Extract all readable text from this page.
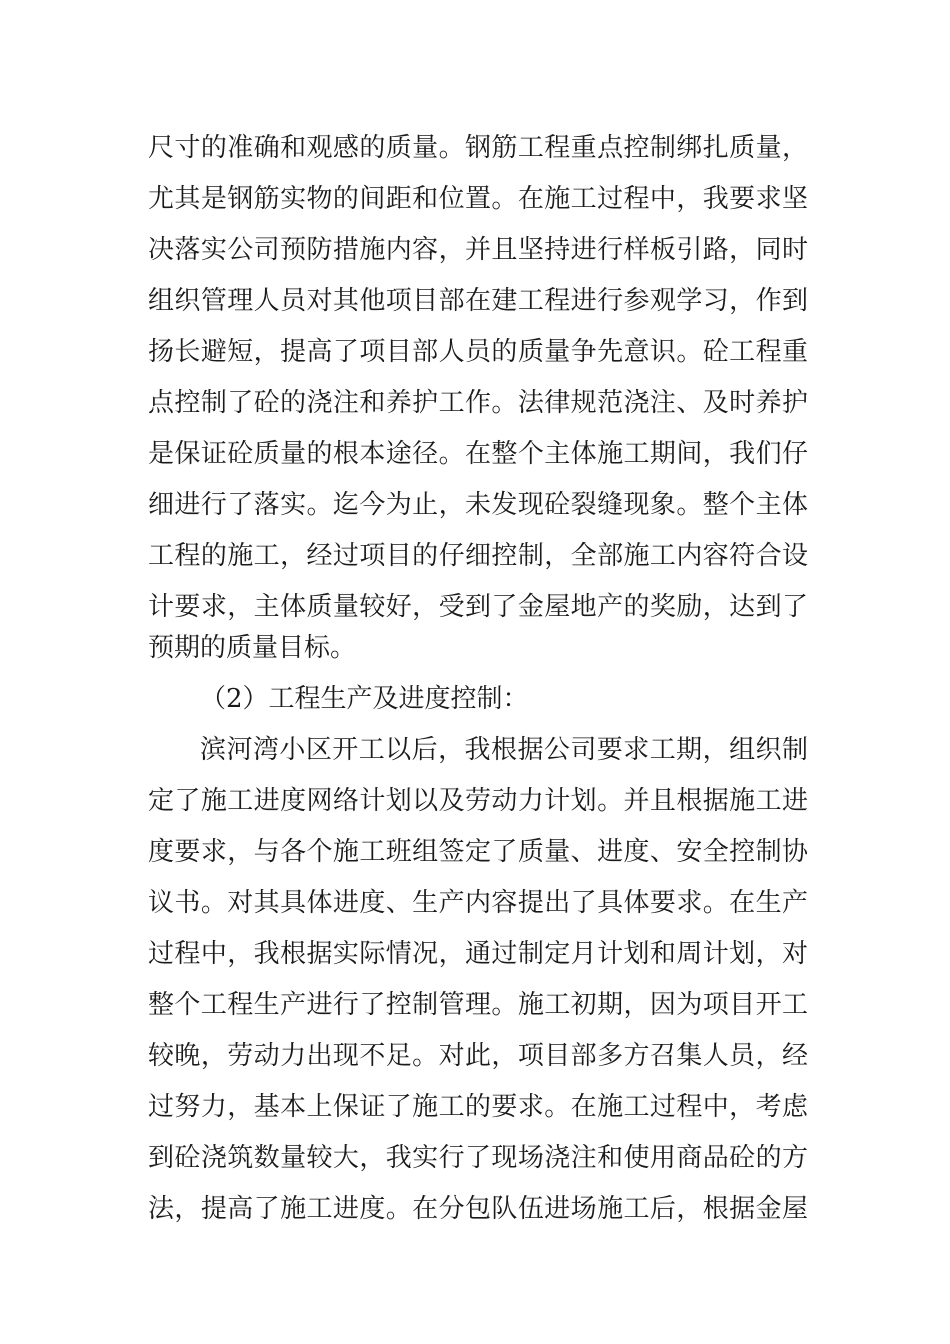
尺寸的准确和观感的质量。钢筋工程重点控制绑扎质量，
尤其是钢筋实物的间距和位置。在施工过程中，我要求坚
决落实公司预防措施内容，并且坚持进行样板引路，同时
组织管理人员对其他项目部在建工程进行参观学习，作到
扬长避短，提高了项目部人员的质量争先意识。砼工程重
点控制了砼的浇注和养护工作。法律规范浇注、及时养护
是保证砼质量的根本途径。在整个主体施工期间，我们仔
细进行了落实。迄今为止，未发现砼裂缝现象。整个主体
工程的施工，经过项目的仔细控制，全部施工内容符合设
计要求，主体质量较好，受到了金屋地产的奖励，达到了
预期的质量目标。
（2）工程生产及进度控制：
滨河湾小区开工以后，我根据公司要求工期，组织制
定了施工进度网络计划以及劳动力计划。并且根据施工进
度要求，与各个施工班组签定了质量、进度、安全控制协
议书。对其具体进度、生产内容提出了具体要求。在生产
过程中，我根据实际情况，通过制定月计划和周计划，对
整个工程生产进行了控制管理。施工初期，因为项目开工
较晚，劳动力出现不足。对此，项目部多方召集人员，经
过努力，基本上保证了施工的要求。在施工过程中，考虑
到砼浇筑数量较大，我实行了现场浇注和使用商品砼的方
法，提高了施工进度。在分包队伍进场施工后，根据金屋
